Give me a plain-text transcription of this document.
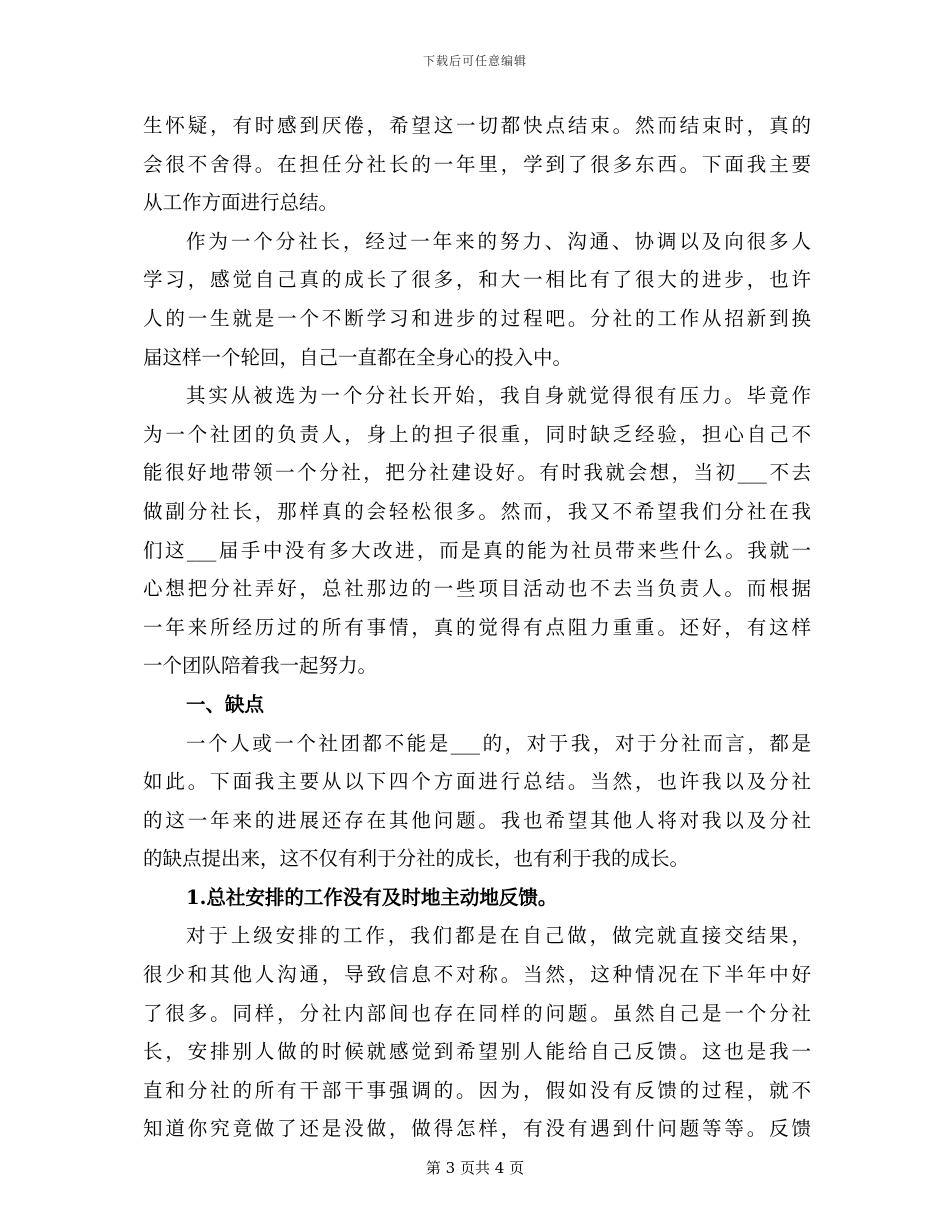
下载后可任意编辑
生怀疑，有时感到厌倦，希望这一切都快点结束。然而结束时，真的
会很不舍得。在担任分社长的一年里，学到了很多东西。下面我主要
从工作方面进行总结。
作为一个分社长，经过一年来的努力、沟通、协调以及向很多人
学习，感觉自己真的成长了很多，和大一相比有了很大的进步，也许
人的一生就是一个不断学习和进步的过程吧。分社的工作从招新到换
届这样一个轮回，自己一直都在全身心的投入中。
其实从被选为一个分社长开始，我自身就觉得很有压力。毕竟作
为一个社团的负责人，身上的担子很重，同时缺乏经验，担心自己不
能很好地带领一个分社，把分社建设好。有时我就会想，当初___不去
做副分社长，那样真的会轻松很多。然而，我又不希望我们分社在我
们这___届手中没有多大改进，而是真的能为社员带来些什么。我就一
心想把分社弄好，总社那边的一些项目活动也不去当负责人。而根据
一年来所经历过的所有事情，真的觉得有点阻力重重。还好，有这样
一个团队陪着我一起努力。
一、缺点
一个人或一个社团都不能是___的，对于我，对于分社而言，都是
如此。下面我主要从以下四个方面进行总结。当然，也许我以及分社
的这一年来的进展还存在其他问题。我也希望其他人将对我以及分社
的缺点提出来，这不仅有利于分社的成长，也有利于我的成长。
1.总社安排的工作没有及时地主动地反馈。
对于上级安排的工作，我们都是在自己做，做完就直接交结果，
很少和其他人沟通，导致信息不对称。当然，这种情况在下半年中好
了很多。同样，分社内部间也存在同样的问题。虽然自己是一个分社
长，安排别人做的时候就感觉到希望别人能给自己反馈。这也是我一
直和分社的所有干部干事强调的。因为，假如没有反馈的过程，就不
知道你究竟做了还是没做，做得怎样，有没有遇到什问题等等。反馈
第 3 页共 4 页
